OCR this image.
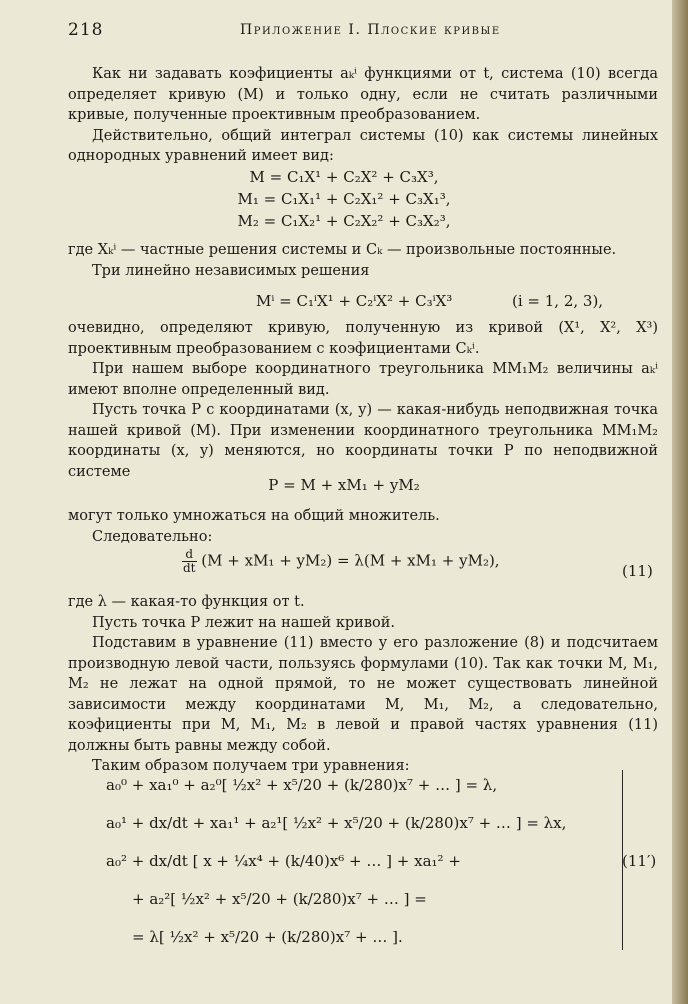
218	Приложение I. Плоские кривые

Как ни задавать коэфициенты aₖⁱ функциями от t, система (10) всегда определяет кривую (М) и только одну, если не считать различными кривые, полученные проективным преобразованием.

Действительно, общий интеграл системы (10) как системы линейных однородных уравнений имеет вид:

M = C₁X¹ + C₂X² + C₃X³,
M₁ = C₁X₁¹ + C₂X₁² + C₃X₁³,
M₂ = C₁X₂¹ + C₂X₂² + C₃X₂³,

где Xₖⁱ — частные решения системы и Cₖ — произвольные постоянные.

Три линейно независимых решения

Mⁱ = C₁ⁱX¹ + C₂ⁱX² + C₃ⁱX³	(i = 1, 2, 3),

очевидно, определяют кривую, полученную из кривой (X¹, X², X³) проективным преобразованием с коэфициентами Cₖⁱ.

При нашем выборе координатного треугольника MM₁M₂ величины aₖⁱ имеют вполне определенный вид.

Пусть точка P с координатами (x, y) — какая-нибудь неподвижная точка нашей кривой (М). При изменении координатного треугольника MM₁M₂ координаты (x, y) меняются, но координаты точки P по неподвижной системе

P = M + xM₁ + yM₂

могут только умножаться на общий множитель.

Следовательно:

$\frac{d}{dt} (M + xM_1 + yM_2) = \lambda(M + xM_1 + yM_2)$,
(11)

где λ — какая-то функция от t.

Пусть точка P лежит на нашей кривой.

Подставим в уравнение (11) вместо y его разложение (8) и подсчитаем производную левой части, пользуясь формулами (10). Так как точки M, M₁, M₂ не лежат на одной прямой, то не может существовать линейной зависимости между координатами M, M₁, M₂, а следовательно, коэфициенты при M, M₁, M₂ в левой и правой частях уравнения (11) должны быть равны между собой.

Таким образом получаем три уравнения:

a₀⁰ + xa₁⁰ + a₂⁰[ ½x² + x⁵/20 + (k/280)x⁷ + … ] = λ,
a₀¹ + dx/dt + xa₁¹ + a₂¹[ ½x² + x⁵/20 + (k/280)x⁷ + … ] = λx,
a₀² + dx/dt [ x + ¼x⁴ + (k/40)x⁶ + … ] + xa₁² +
+ a₂²[ ½x² + x⁵/20 + (k/280)x⁷ + … ] =
= λ[ ½x² + x⁵/20 + (k/280)x⁷ + … ].
(11′)
